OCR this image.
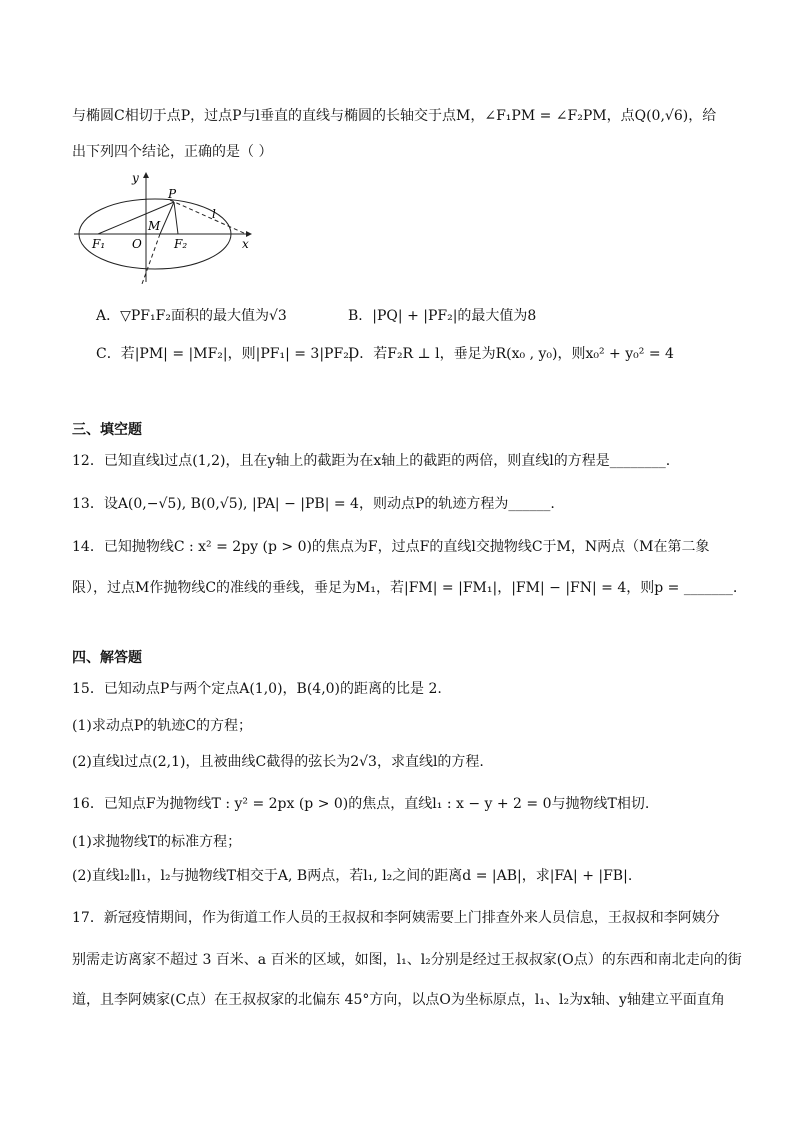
与椭圆C相切于点P，过点P与l垂直的直线与椭圆的长轴交于点M，∠F₁PM = ∠F₂PM，点Q(0,√6)，给
出下列四个结论，正确的是（ ）
y
x
P
l
M
O
F₁	F₂
A．▽PF₁F₂面积的最大值为√3	B．|PQ| + |PF₂|的最大值为8
C．若|PM| = |MF₂|，则|PF₁| = 3|PF₂|
D．若F₂R ⊥ l，垂足为R(x₀ , y₀)，则x₀² + y₀² = 4
三、填空题
12．已知直线l过点(1,2)，且在y轴上的截距为在x轴上的截距的两倍，则直线l的方程是________.
13．设A(0,−√5), B(0,√5), |PA| − |PB| = 4，则动点P的轨迹方程为______.
14．已知抛物线C : x² = 2py (p > 0)的焦点为F，过点F的直线l交抛物线C于M，N两点（M在第二象
限），过点M作抛物线C的准线的垂线，垂足为M₁，若|FM| = |FM₁|，|FM| − |FN| = 4，则p = _______.
四、解答题
15．已知动点P与两个定点A(1,0)，B(4,0)的距离的比是 2.
(1)求动点P的轨迹C的方程；
(2)直线l过点(2,1)，且被曲线C截得的弦长为2√3，求直线l的方程.
16．已知点F为抛物线T : y² = 2px (p > 0)的焦点，直线l₁ : x − y + 2 = 0与抛物线T相切.
(1)求抛物线T的标准方程；
(2)直线l₂∥l₁，l₂与抛物线T相交于A, B两点，若l₁, l₂之间的距离d = |AB|，求|FA| + |FB|.
17．新冠疫情期间，作为街道工作人员的王叔叔和李阿姨需要上门排查外来人员信息，王叔叔和李阿姨分
别需走访离家不超过 3 百米、a 百米的区域，如图，l₁、l₂分别是经过王叔叔家(O点）的东西和南北走向的街
道，且李阿姨家(C点）在王叔叔家的北偏东 45°方向，以点O为坐标原点，l₁、l₂为x轴、y轴建立平面直角
